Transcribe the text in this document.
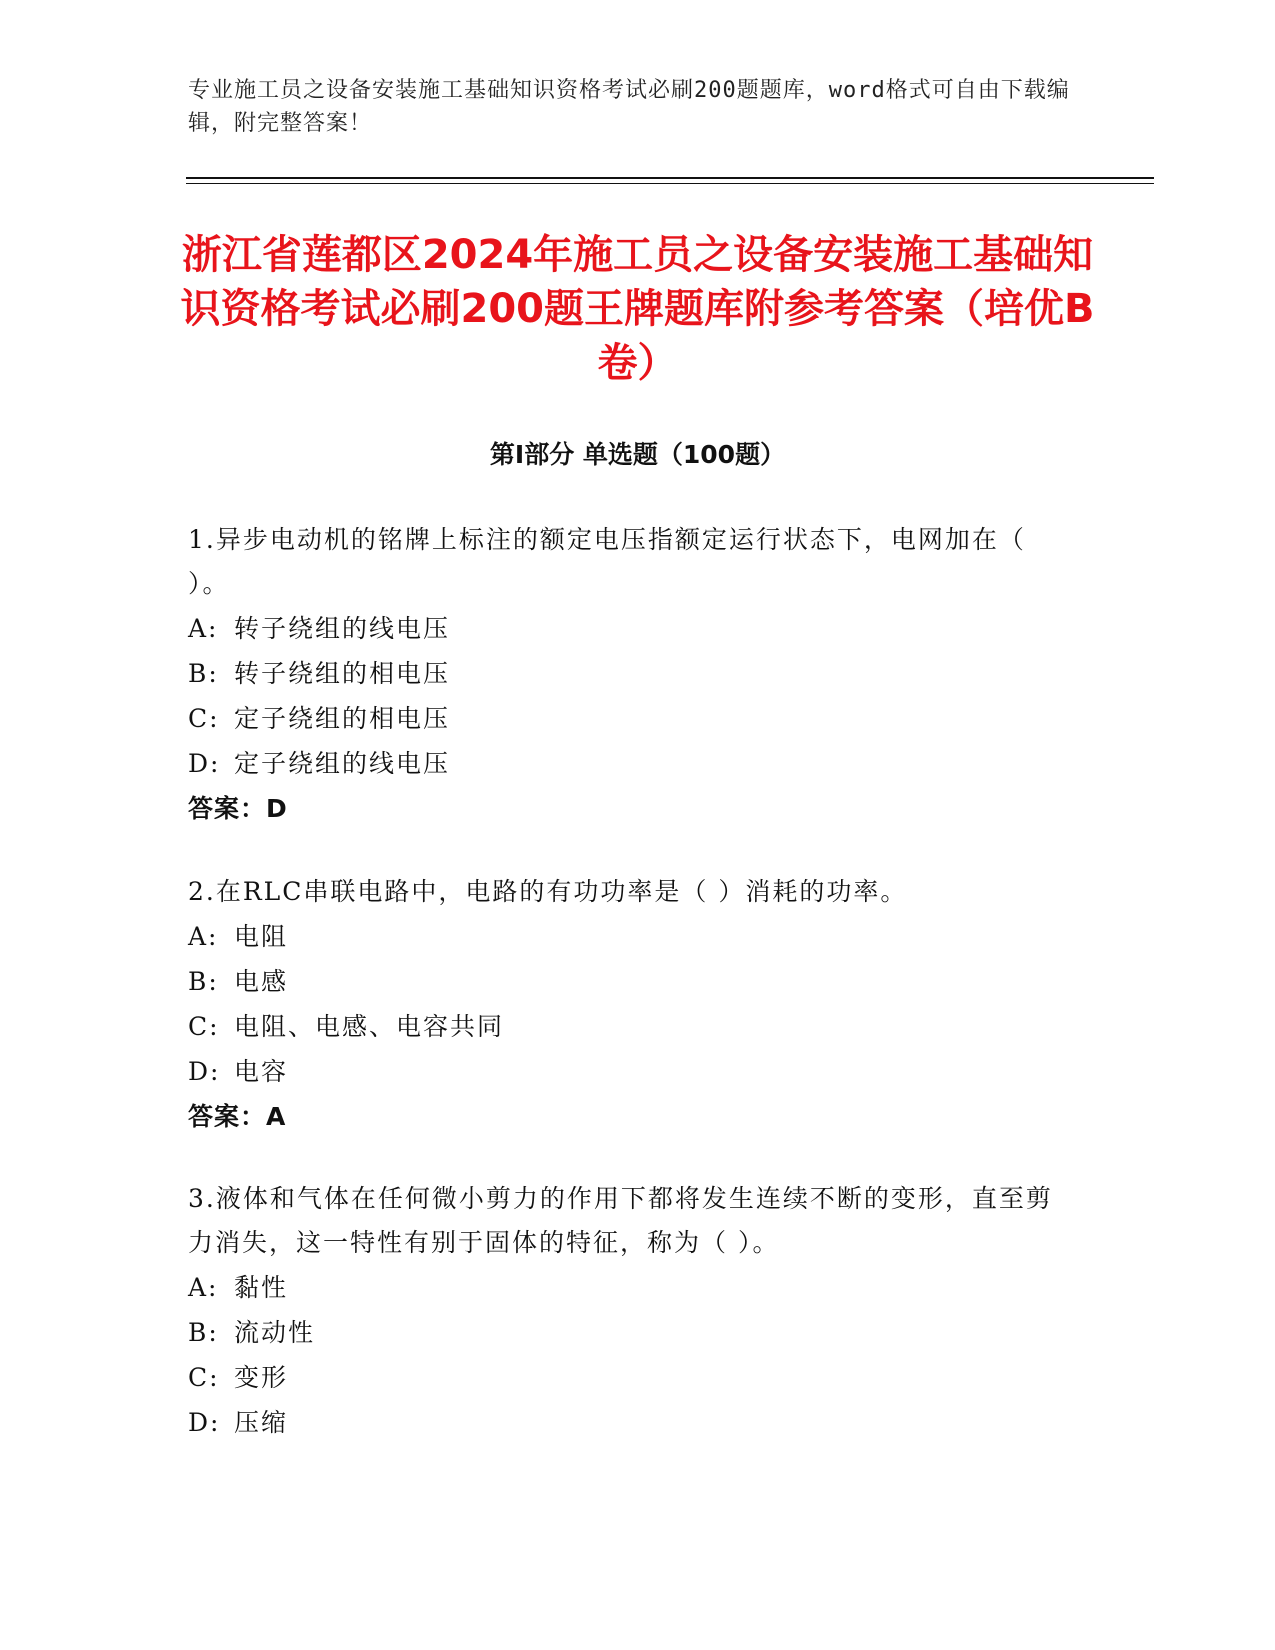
专业施工员之设备安装施工基础知识资格考试必刷200题题库，word格式可自由下载编辑，附完整答案！
浙江省莲都区2024年施工员之设备安装施工基础知识资格考试必刷200题王牌题库附参考答案（培优B卷）
第I部分 单选题（100题）

1.异步电动机的铭牌上标注的额定电压指额定运行状态下，电网加在（ ）。

A: 转子绕组的线电压

B: 转子绕组的相电压

C: 定子绕组的相电压

D: 定子绕组的线电压

答案：D

2.在RLC串联电路中，电路的有功功率是（ ）消耗的功率。

A: 电阻

B: 电感

C: 电阻、电感、电容共同

D: 电容

答案：A

3.液体和气体在任何微小剪力的作用下都将发生连续不断的变形，直至剪力消失，这一特性有别于固体的特征，称为（ ）。

A: 黏性

B: 流动性

C: 变形

D: 压缩
